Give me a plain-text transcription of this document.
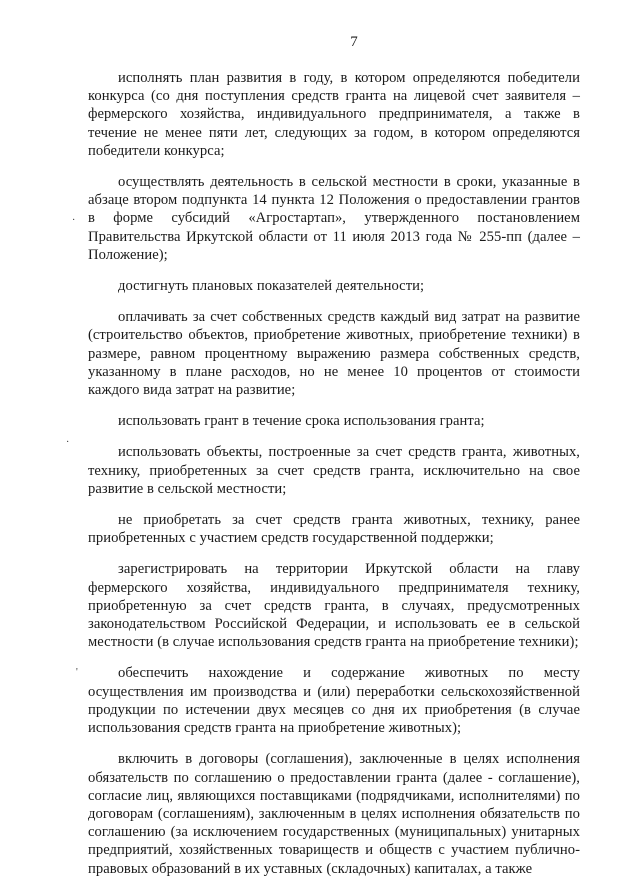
7

исполнять план развития в году, в котором определяются победители конкурса (со дня поступления средств гранта на лицевой счет заявителя – фермерского хозяйства, индивидуального предпринимателя, а также в течение не менее пяти лет, следующих за годом, в котором определяются победители конкурса;

осуществлять деятельность в сельской местности в сроки, указанные в абзаце втором подпункта 14 пункта 12 Положения о предоставлении грантов в форме субсидий «Агростартап», утвержденного постановлением Правительства Иркутской области от 11 июля 2013 года № 255-пп (далее – Положение);

достигнуть плановых показателей деятельности;

оплачивать за счет собственных средств каждый вид затрат на развитие (строительство объектов, приобретение животных, приобретение техники) в размере, равном процентному выражению размера собственных средств, указанному в плане расходов, но не менее 10 процентов от стоимости каждого вида затрат на развитие;

использовать грант в течение срока использования гранта;

использовать объекты, построенные за счет средств гранта, животных, технику, приобретенных за счет средств гранта, исключительно на свое развитие в сельской местности;

не приобретать за счет средств гранта животных, технику, ранее приобретенных с участием средств государственной поддержки;

зарегистрировать на территории Иркутской области на главу фермерского хозяйства, индивидуального предпринимателя технику, приобретенную за счет средств гранта, в случаях, предусмотренных законодательством Российской Федерации, и использовать ее в сельской местности (в случае использования средств гранта на приобретение техники);

обеспечить нахождение и содержание животных по месту осуществления им производства и (или) переработки сельскохозяйственной продукции по истечении двух месяцев со дня их приобретения (в случае использования средств гранта на приобретение животных);

включить в договоры (соглашения), заключенные в целях исполнения обязательств по соглашению о предоставлении гранта (далее - соглашение), согласие лиц, являющихся поставщиками (подрядчиками, исполнителями) по договорам (соглашениям), заключенным в целях исполнения обязательств по соглашению (за исключением государственных (муниципальных) унитарных предприятий, хозяйственных товариществ и обществ с участием публично-правовых образований в их уставных (складочных) капиталах, а также

·
·
'
